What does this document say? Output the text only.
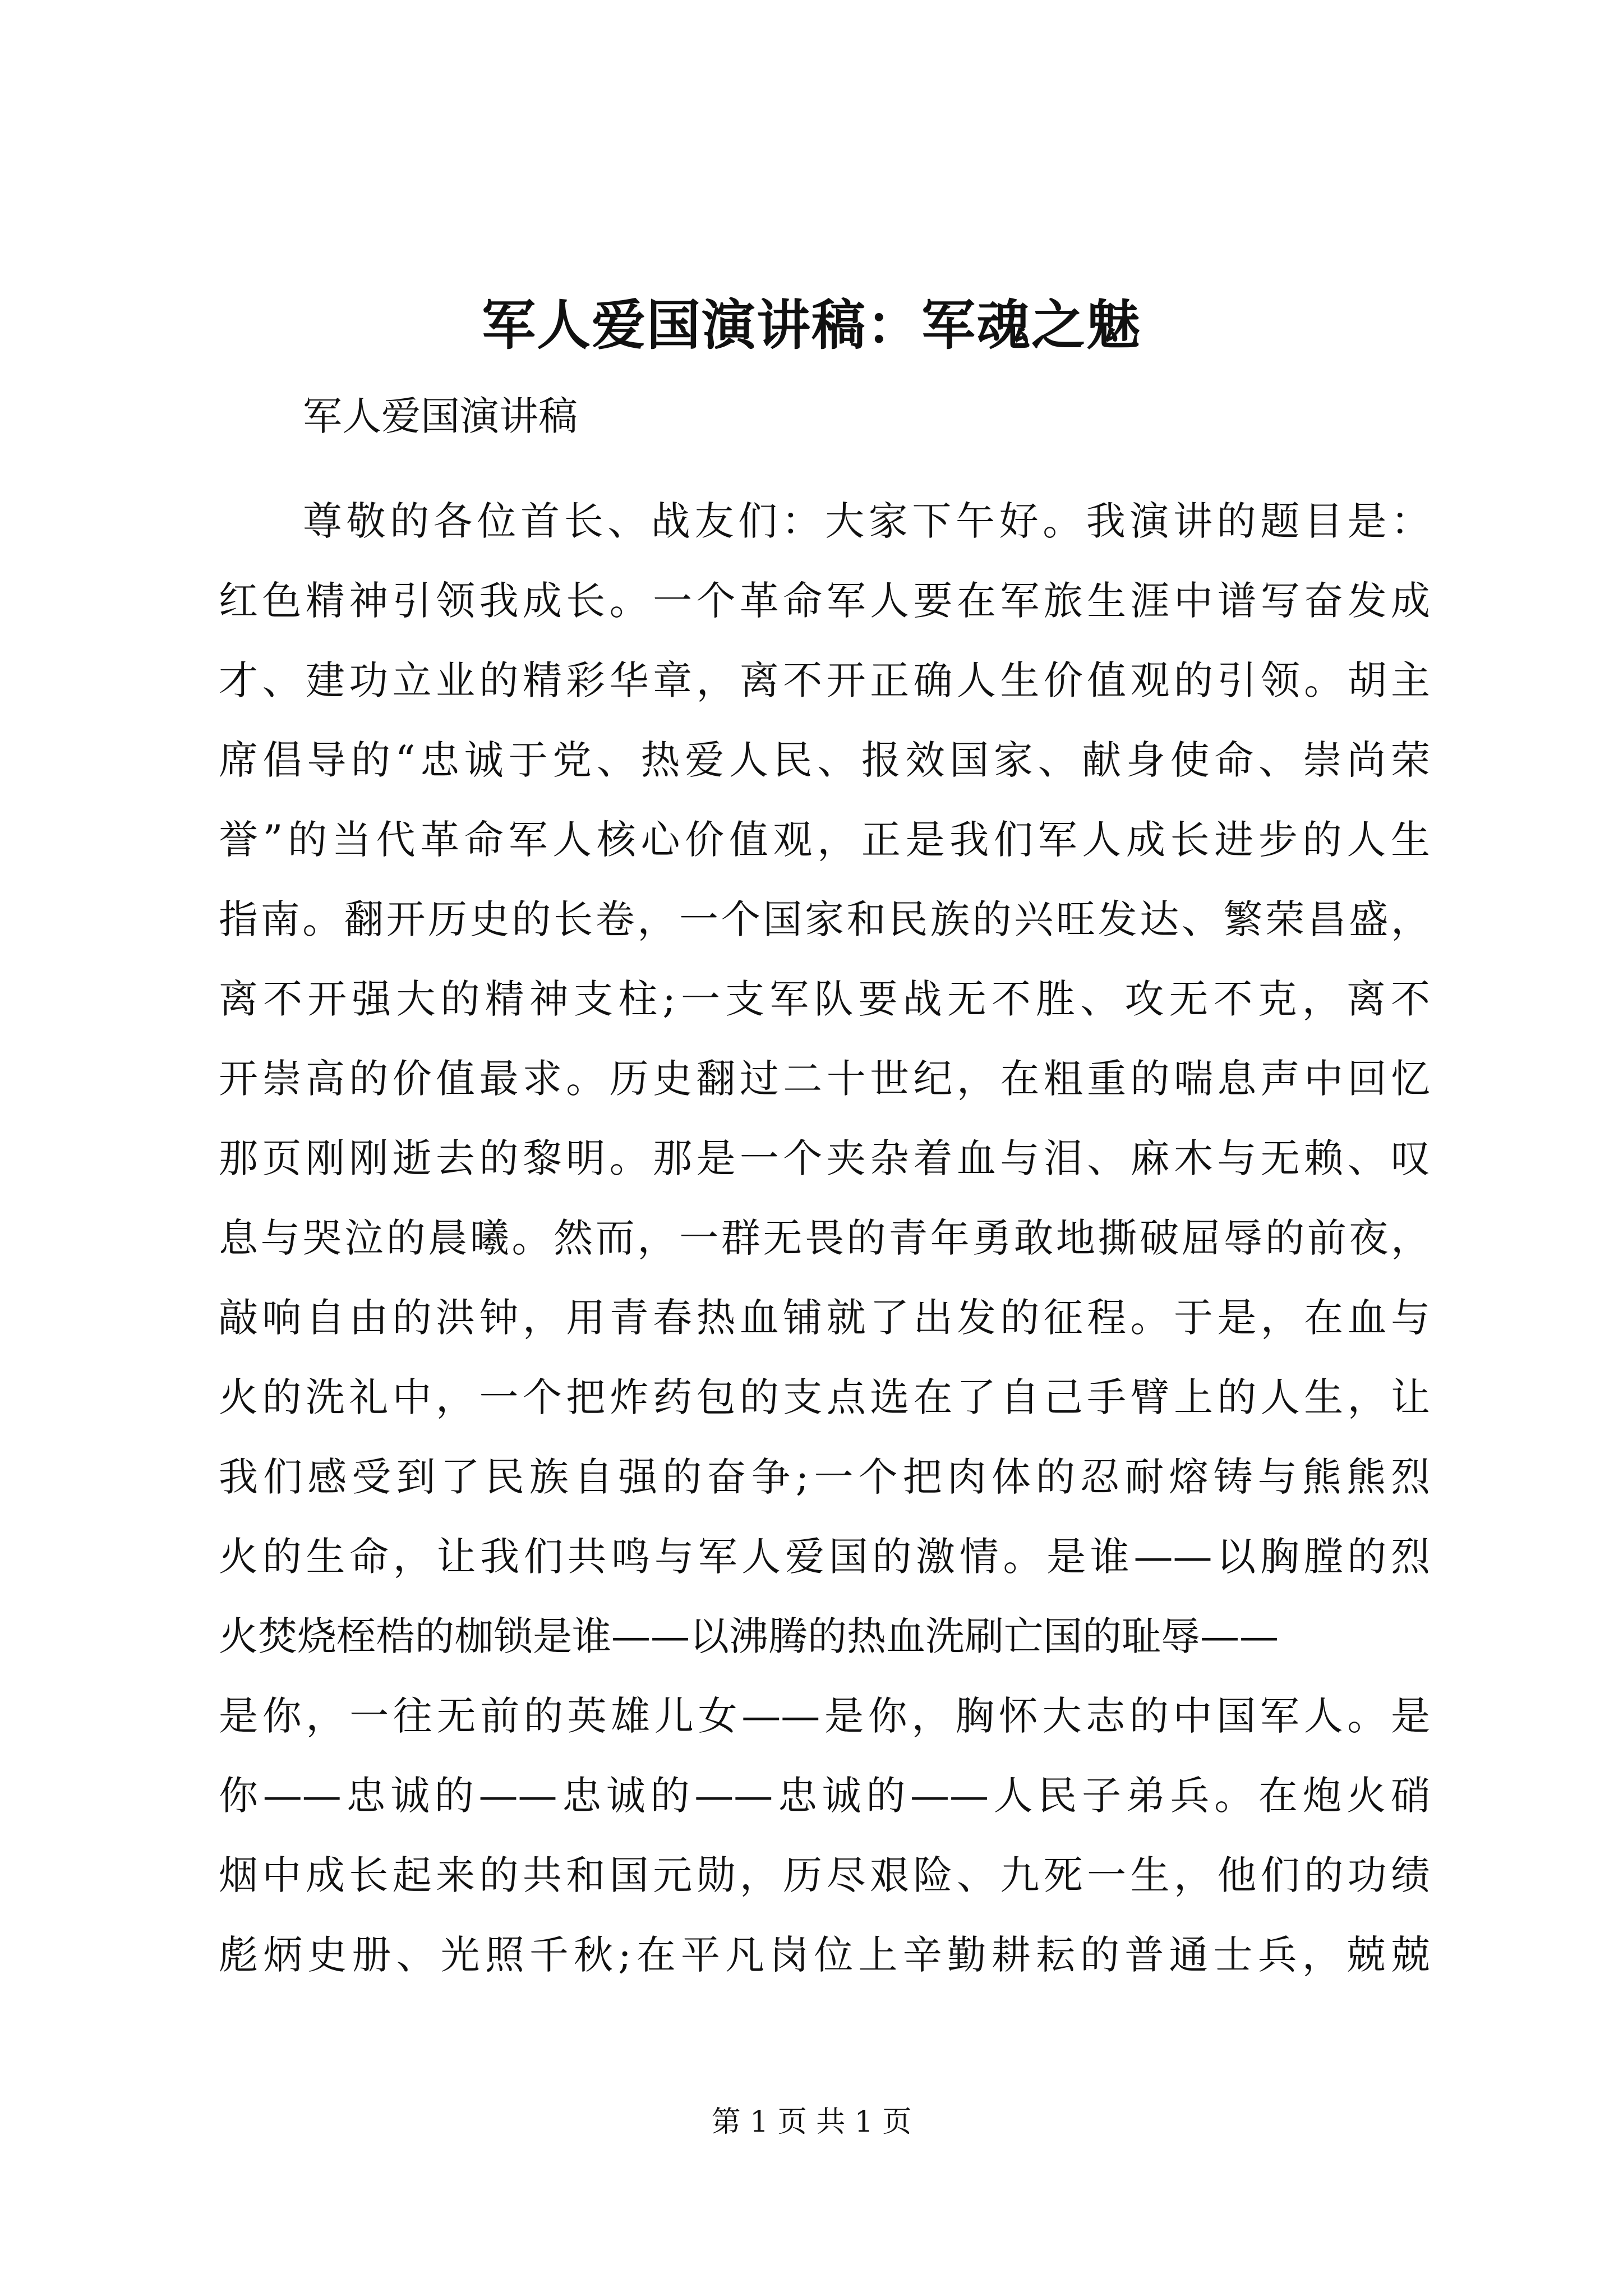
军人爱国演讲稿：军魂之魅
军人爱国演讲稿
尊敬的各位首长、战友们：大家下午好。我演讲的题目是：
红色精神引领我成长。一个革命军人要在军旅生涯中谱写奋发成
才、建功立业的精彩华章，离不开正确人生价值观的引领。胡主
席倡导的“忠诚于党、热爱人民、报效国家、献身使命、崇尚荣
誉”的当代革命军人核心价值观，正是我们军人成长进步的人生
指南。翻开历史的长卷，一个国家和民族的兴旺发达、繁荣昌盛，
离不开强大的精神支柱;一支军队要战无不胜、攻无不克，离不
开崇高的价值最求。历史翻过二十世纪，在粗重的喘息声中回忆
那页刚刚逝去的黎明。那是一个夹杂着血与泪、麻木与无赖、叹
息与哭泣的晨曦。然而，一群无畏的青年勇敢地撕破屈辱的前夜，
敲响自由的洪钟，用青春热血铺就了出发的征程。于是，在血与
火的洗礼中，一个把炸药包的支点选在了自己手臂上的人生，让
我们感受到了民族自强的奋争;一个把肉体的忍耐熔铸与熊熊烈
火的生命，让我们共鸣与军人爱国的激情。是谁——以胸膛的烈
火焚烧桎梏的枷锁是谁——以沸腾的热血洗刷亡国的耻辱——
是你，一往无前的英雄儿女——是你，胸怀大志的中国军人。是
你——忠诚的——忠诚的——忠诚的——人民子弟兵。在炮火硝
烟中成长起来的共和国元勋，历尽艰险、九死一生，他们的功绩
彪炳史册、光照千秋;在平凡岗位上辛勤耕耘的普通士兵，兢兢
第 1 页 共 1 页
